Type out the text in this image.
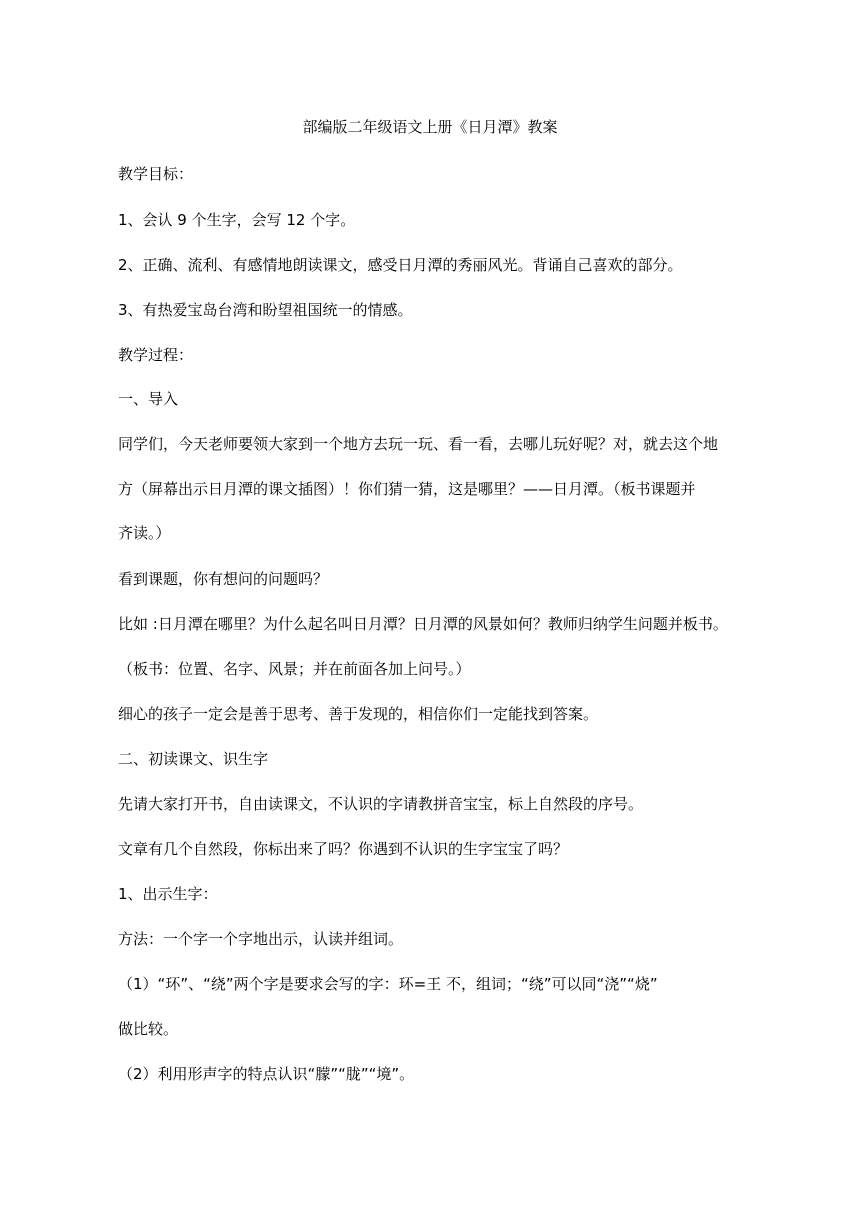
部编版二年级语文上册《日月潭》教案
教学目标：
1、会认 9 个生字，会写 12 个字。
2、正确、流利、有感情地朗读课文，感受日月潭的秀丽风光。背诵自己喜欢的部分。
3、有热爱宝岛台湾和盼望祖国统一的情感。
教学过程：
一、导入
同学们，今天老师要领大家到一个地方去玩一玩、看一看，去哪儿玩好呢？对，就去这个地
方（屏幕出示日月潭的课文插图）！你们猜一猜，这是哪里？——日月潭。（板书课题并
齐读。）
看到课题，你有想问的问题吗？
比如 :日月潭在哪里？为什么起名叫日月潭？日月潭的风景如何？教师归纳学生问题并板书。
（板书：位置、名字、风景；并在前面各加上问号。）
细心的孩子一定会是善于思考、善于发现的，相信你们一定能找到答案。
二、初读课文、识生字
先请大家打开书，自由读课文，不认识的字请教拼音宝宝，标上自然段的序号。
文章有几个自然段，你标出来了吗？你遇到不认识的生字宝宝了吗？
1、出示生字：
方法：一个字一个字地出示，认读并组词。
（1）“环”、“绕”两个字是要求会写的字：环=王 不，组词；“绕”可以同“浇”“烧”
做比较。
（2）利用形声字的特点认识“朦”“胧”“境”。
